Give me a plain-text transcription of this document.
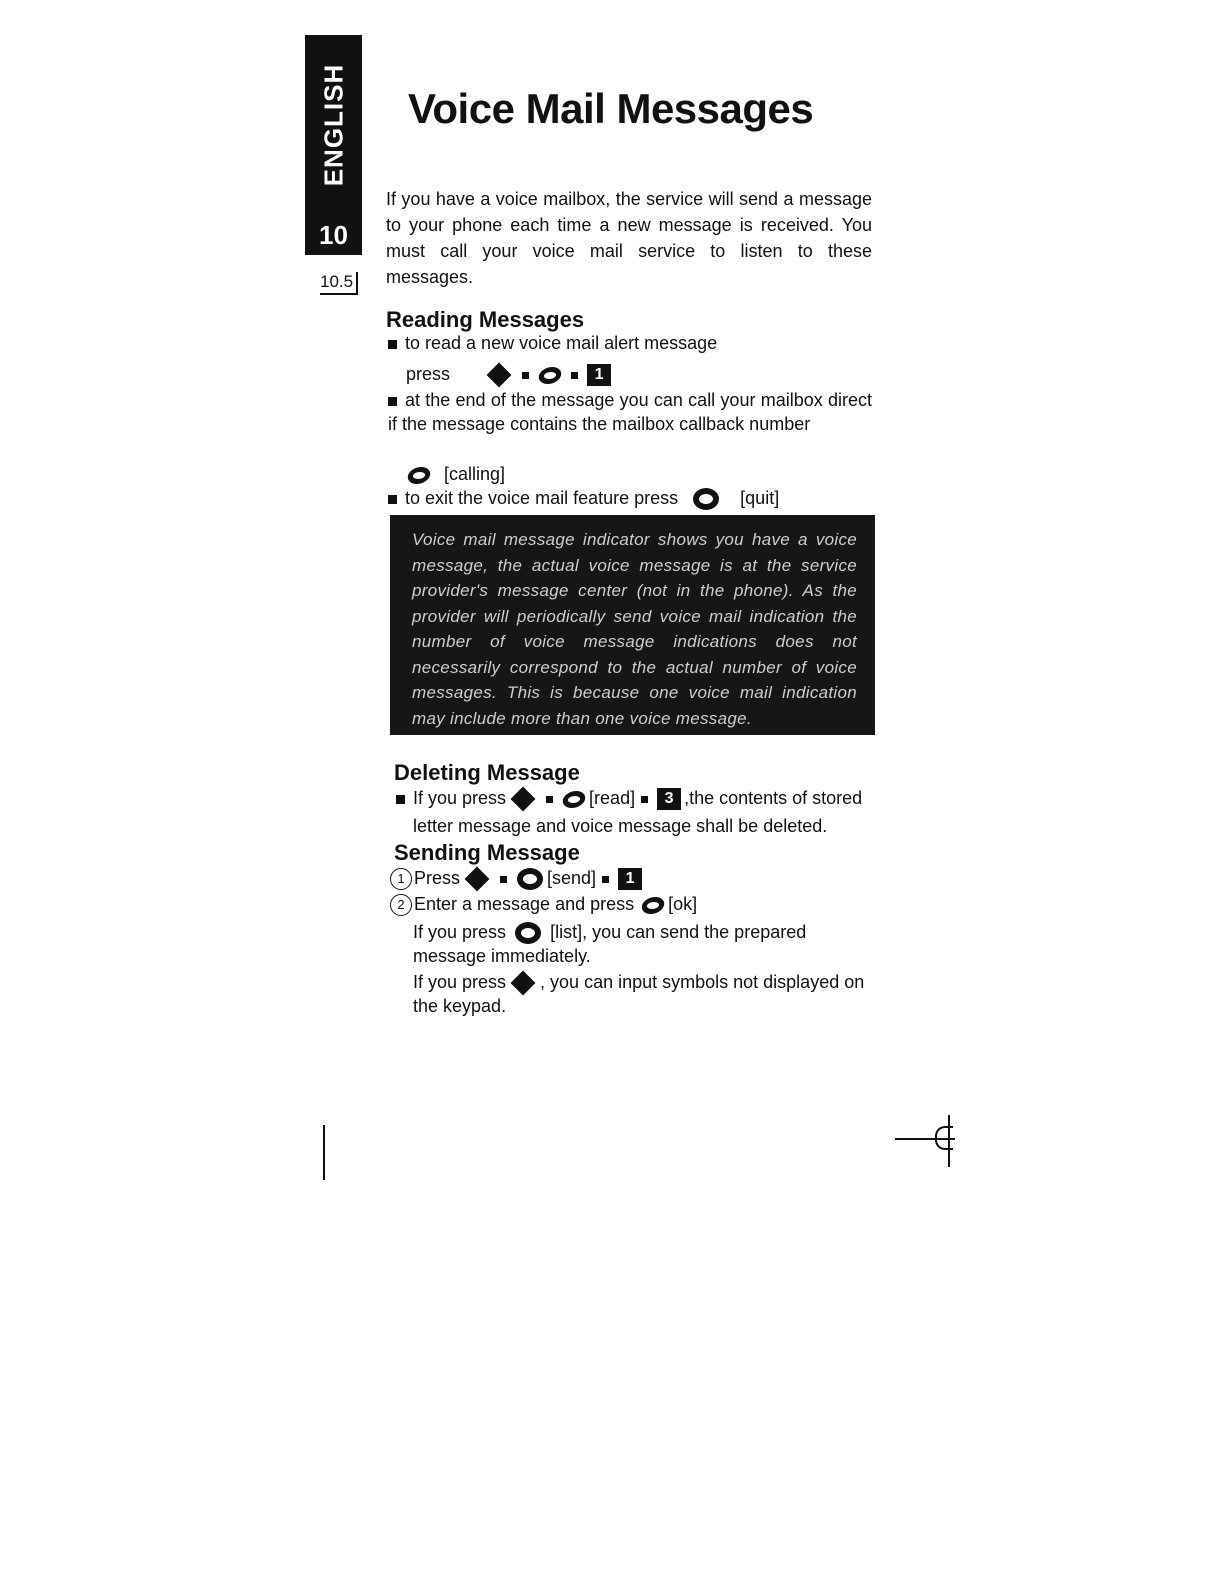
ENGLISH
10
10.5
Voice Mail Messages

If you have a voice mailbox, the service will send a message to your phone each time a new message is received. You must call your voice mail service to listen to these messages.

Reading Messages
to read a new voice mail alert message
press	1
at the end of the message you can call your mailbox direct if the message contains the mailbox callback number
[calling]
to exit the voice mail feature press	[quit]
Voice mail message indicator shows you have a voice message, the actual voice message is at the service provider's message center (not in the phone). As the provider will periodically send voice mail indication the number of voice message indications does not necessarily correspond to the actual number of voice messages. This is because one voice mail indication may include more than one voice message.
Deleting Message
If you press	[read] 3 ,the contents of stored
letter message and voice message shall be deleted.
Sending Message
1 Press	[send] 1
2 Enter a message and press [ok]
If you press [list], you can send the prepared message immediately.
If you press , you can input symbols not displayed on the keypad.
